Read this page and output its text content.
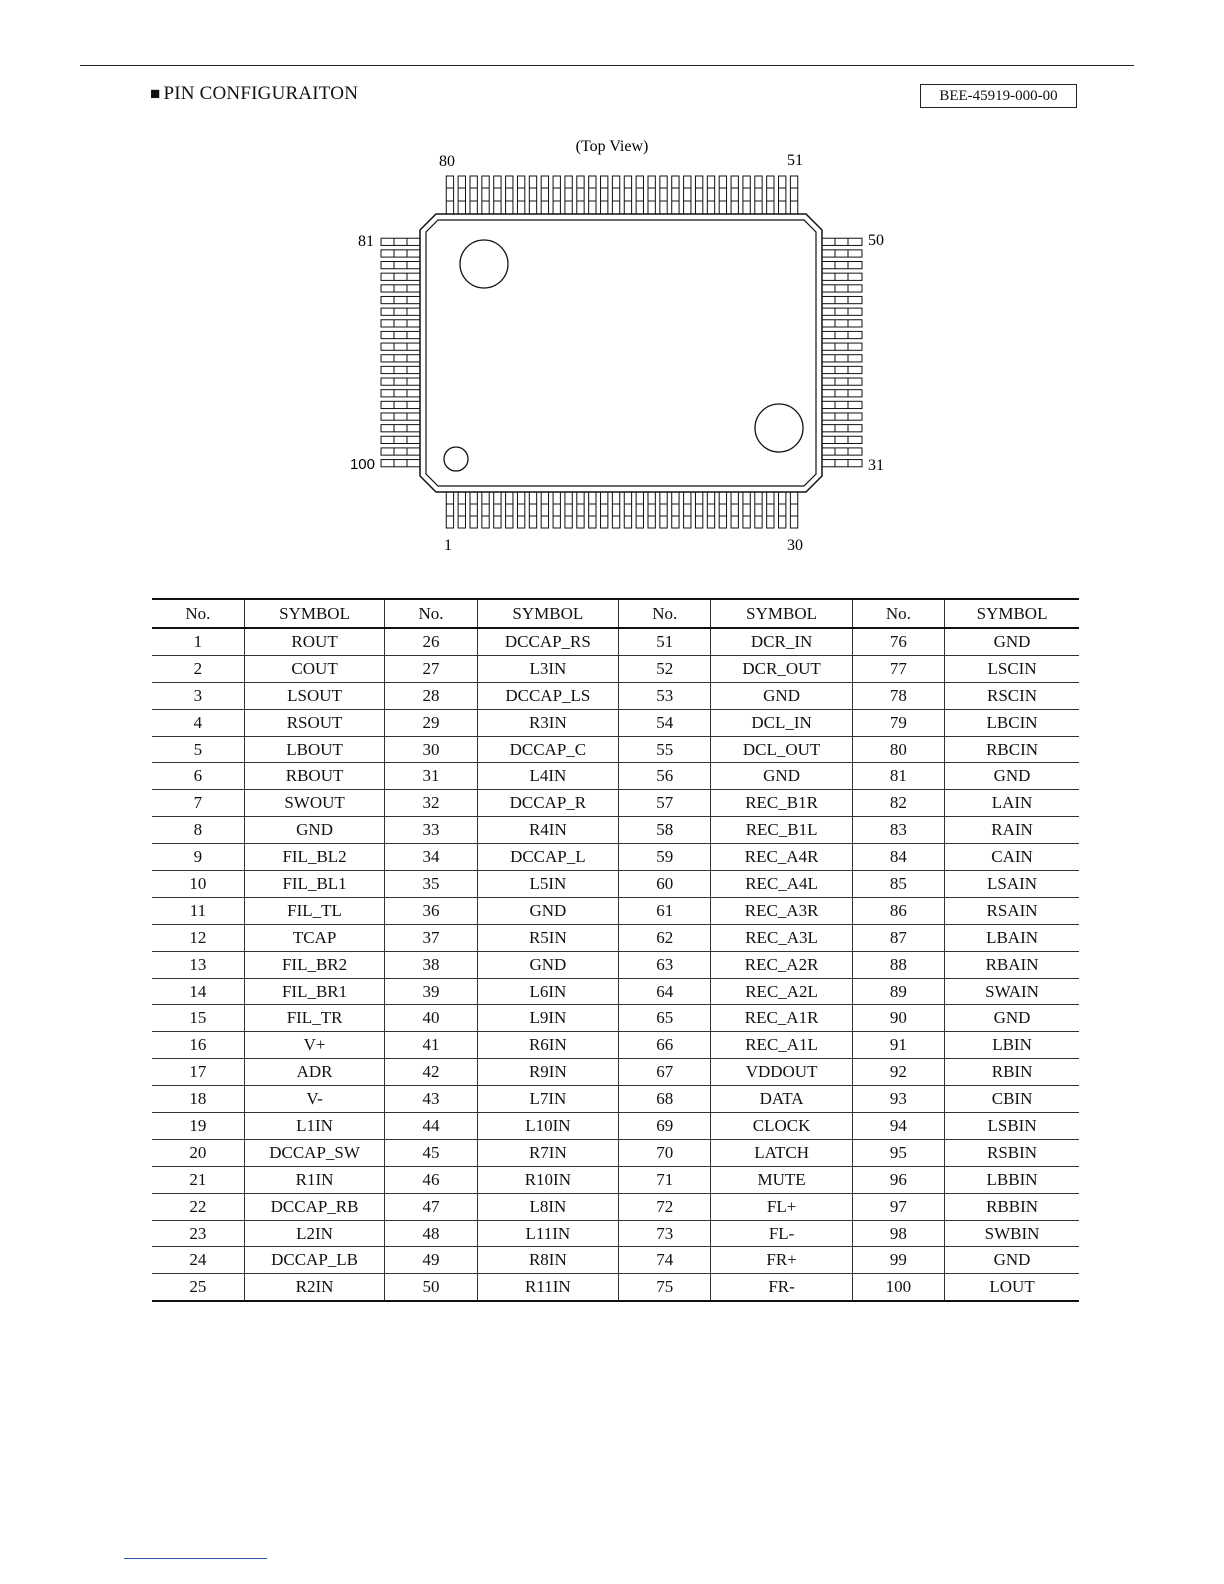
■ PIN CONFIGURAITON	BEE-45919-000-00
(Top View)
80	51
81
100
50
31
1	30
No.	SYMBOL	No.	SYMBOL	No.	SYMBOL	No.	SYMBOL
1	ROUT	26	DCCAP_RS	51	DCR_IN	76	GND
2	COUT	27	L3IN	52	DCR_OUT	77	LSCIN
3	LSOUT	28	DCCAP_LS	53	GND	78	RSCIN
4	RSOUT	29	R3IN	54	DCL_IN	79	LBCIN
5	LBOUT	30	DCCAP_C	55	DCL_OUT	80	RBCIN
6	RBOUT	31	L4IN	56	GND	81	GND
7	SWOUT	32	DCCAP_R	57	REC_B1R	82	LAIN
8	GND	33	R4IN	58	REC_B1L	83	RAIN
9	FIL_BL2	34	DCCAP_L	59	REC_A4R	84	CAIN
10	FIL_BL1	35	L5IN	60	REC_A4L	85	LSAIN
11	FIL_TL	36	GND	61	REC_A3R	86	RSAIN
12	TCAP	37	R5IN	62	REC_A3L	87	LBAIN
13	FIL_BR2	38	GND	63	REC_A2R	88	RBAIN
14	FIL_BR1	39	L6IN	64	REC_A2L	89	SWAIN
15	FIL_TR	40	L9IN	65	REC_A1R	90	GND
16	V+	41	R6IN	66	REC_A1L	91	LBIN
17	ADR	42	R9IN	67	VDDOUT	92	RBIN
18	V-	43	L7IN	68	DATA	93	CBIN
19	L1IN	44	L10IN	69	CLOCK	94	LSBIN
20	DCCAP_SW	45	R7IN	70	LATCH	95	RSBIN
21	R1IN	46	R10IN	71	MUTE	96	LBBIN
22	DCCAP_RB	47	L8IN	72	FL+	97	RBBIN
23	L2IN	48	L11IN	73	FL-	98	SWBIN
24	DCCAP_LB	49	R8IN	74	FR+	99	GND
25	R2IN	50	R11IN	75	FR-	100	LOUT
